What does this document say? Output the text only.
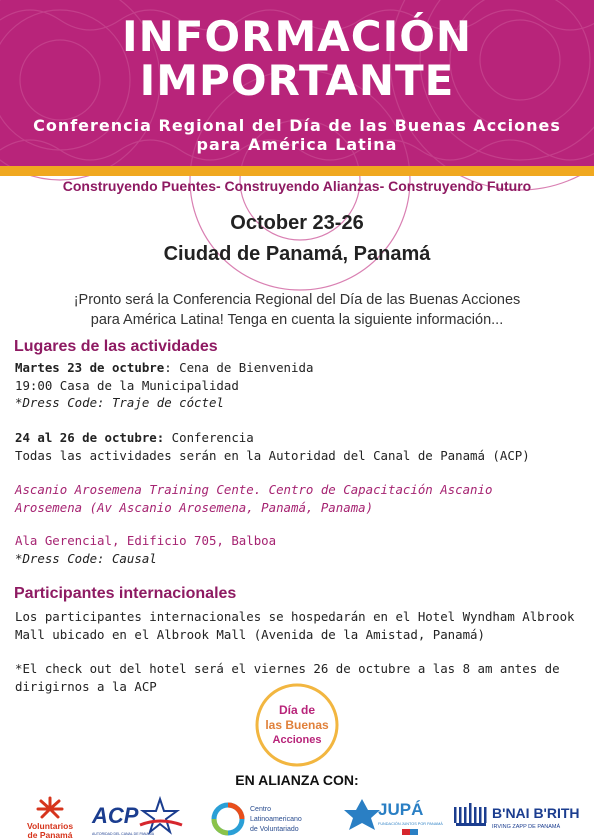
INFORMACIÓN
IMPORTANTE
Conferencia Regional del Día de las Buenas Acciones
para América Latina
Construyendo Puentes- Construyendo Alianzas- Construyendo Futuro
October 23-26
Ciudad de Panamá, Panamá
¡Pronto será la Conferencia Regional del Día de las Buenas Acciones
para América Latina! Tenga en cuenta la siguiente información...
Lugares de las actividades
Martes 23 de octubre: Cena de Bienvenida
19:00 Casa de la Municipalidad
*Dress Code: Traje de cóctel
24 al 26 de octubre: Conferencia
Todas las actividades serán en la Autoridad del Canal de Panamá (ACP)
Ascanio Arosemena Training Cente. Centro de Capacitación Ascanio
Arosemena (Av Ascanio Arosemena, Panamá, Panama)
Ala Gerencial, Edificio 705, Balboa
*Dress Code: Causal
Participantes internacionales
Los participantes internacionales se hospedarán en el Hotel Wyndham Albrook
Mall ubicado en el Albrook Mall (Avenida de la Amistad, Panamá)
*El check out del hotel será el viernes 26 de octubre a las 8 am antes de
dirigirnos a la ACP
Día de
las Buenas
Acciones
EN ALIANZA CON:
Voluntarios
de Panamá
ACP
AUTORIDAD DEL CANAL DE PANAMÁ
Centro
Latinoamericano
de Voluntariado
JUPÁ
FUNDACIÓN JUNTOS POR PANAMÁ
B'NAI B'RITH
IRVING ZAPP DE PANAMÁ
